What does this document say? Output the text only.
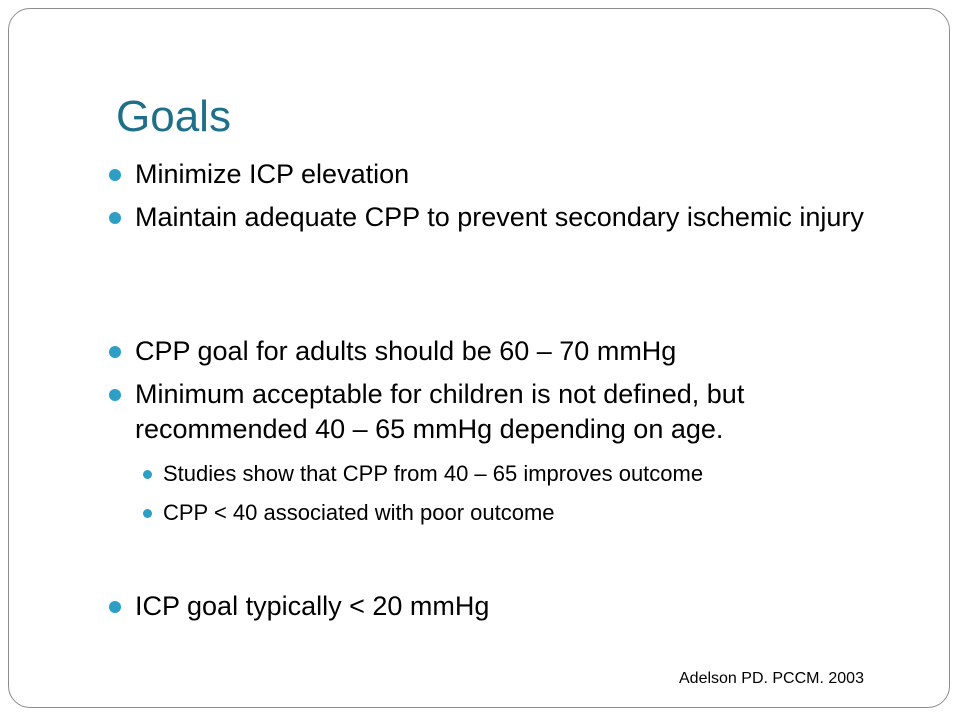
Goals
Minimize ICP elevation
Maintain adequate CPP to prevent secondary ischemic injury
CPP goal for adults should be 60 – 70 mmHg
Minimum acceptable for children is not defined, but recommended 40 – 65 mmHg depending on age.
Studies show that CPP from 40 – 65 improves outcome
CPP < 40 associated with poor outcome
ICP goal typically < 20 mmHg
Adelson PD. PCCM. 2003
